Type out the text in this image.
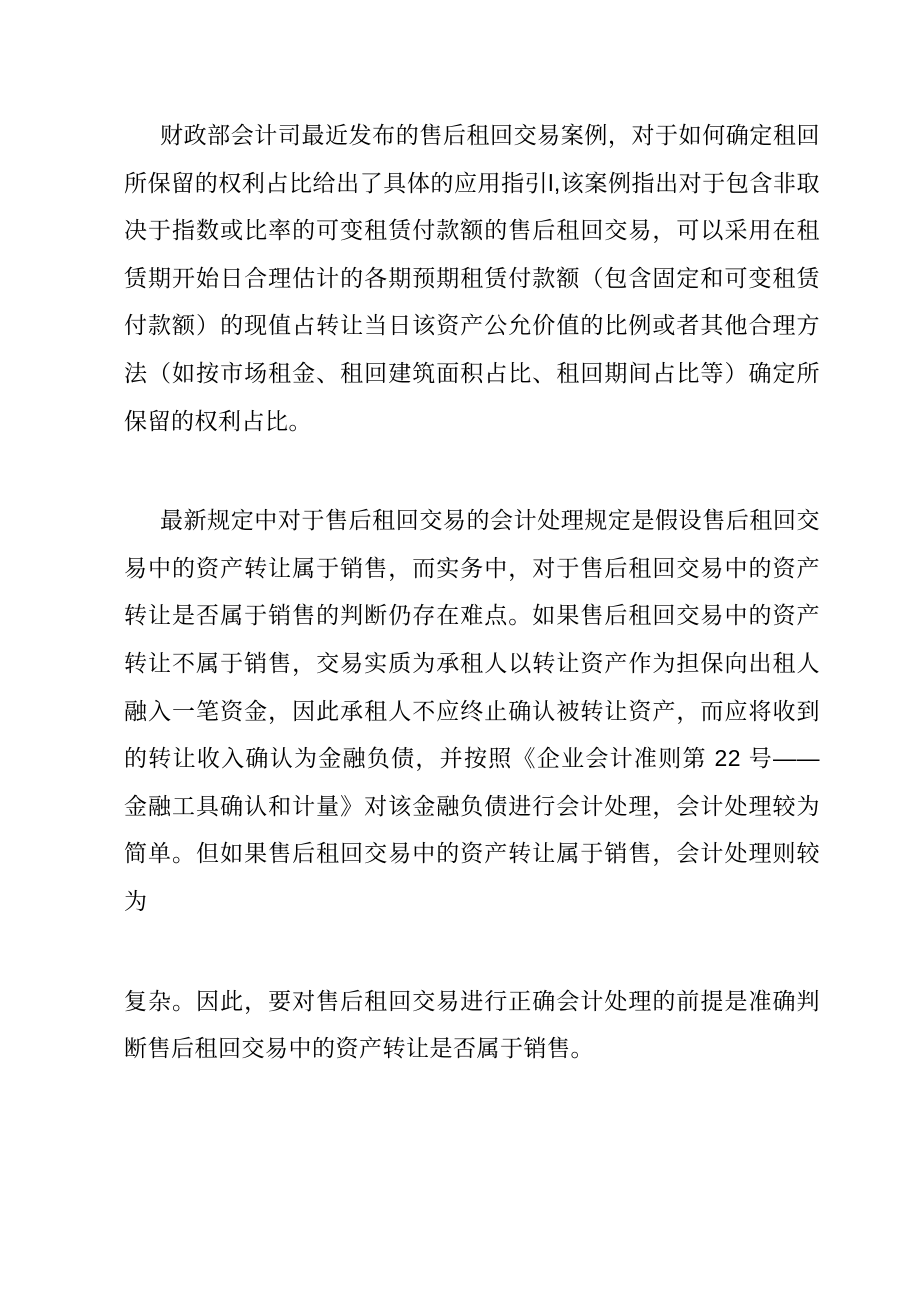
财政部会计司最近发布的售后租回交易案例，对于如何确定租回所保留的权利占比给出了具体的应用指引l,该案例指出对于包含非取决于指数或比率的可变租赁付款额的售后租回交易，可以采用在租赁期开始日合理估计的各期预期租赁付款额（包含固定和可变租赁付款额）的现值占转让当日该资产公允价值的比例或者其他合理方法（如按市场租金、租回建筑面积占比、租回期间占比等）确定所保留的权利占比。

最新规定中对于售后租回交易的会计处理规定是假设售后租回交易中的资产转让属于销售，而实务中，对于售后租回交易中的资产转让是否属于销售的判断仍存在难点。如果售后租回交易中的资产转让不属于销售，交易实质为承租人以转让资产作为担保向出租人融入一笔资金，因此承租人不应终止确认被转让资产，而应将收到的转让收入确认为金融负债，并按照《企业会计准则第 22 号——金融工具确认和计量》对该金融负债进行会计处理，会计处理较为简单。但如果售后租回交易中的资产转让属于销售，会计处理则较为

复杂。因此，要对售后租回交易进行正确会计处理的前提是准确判断售后租回交易中的资产转让是否属于销售。
